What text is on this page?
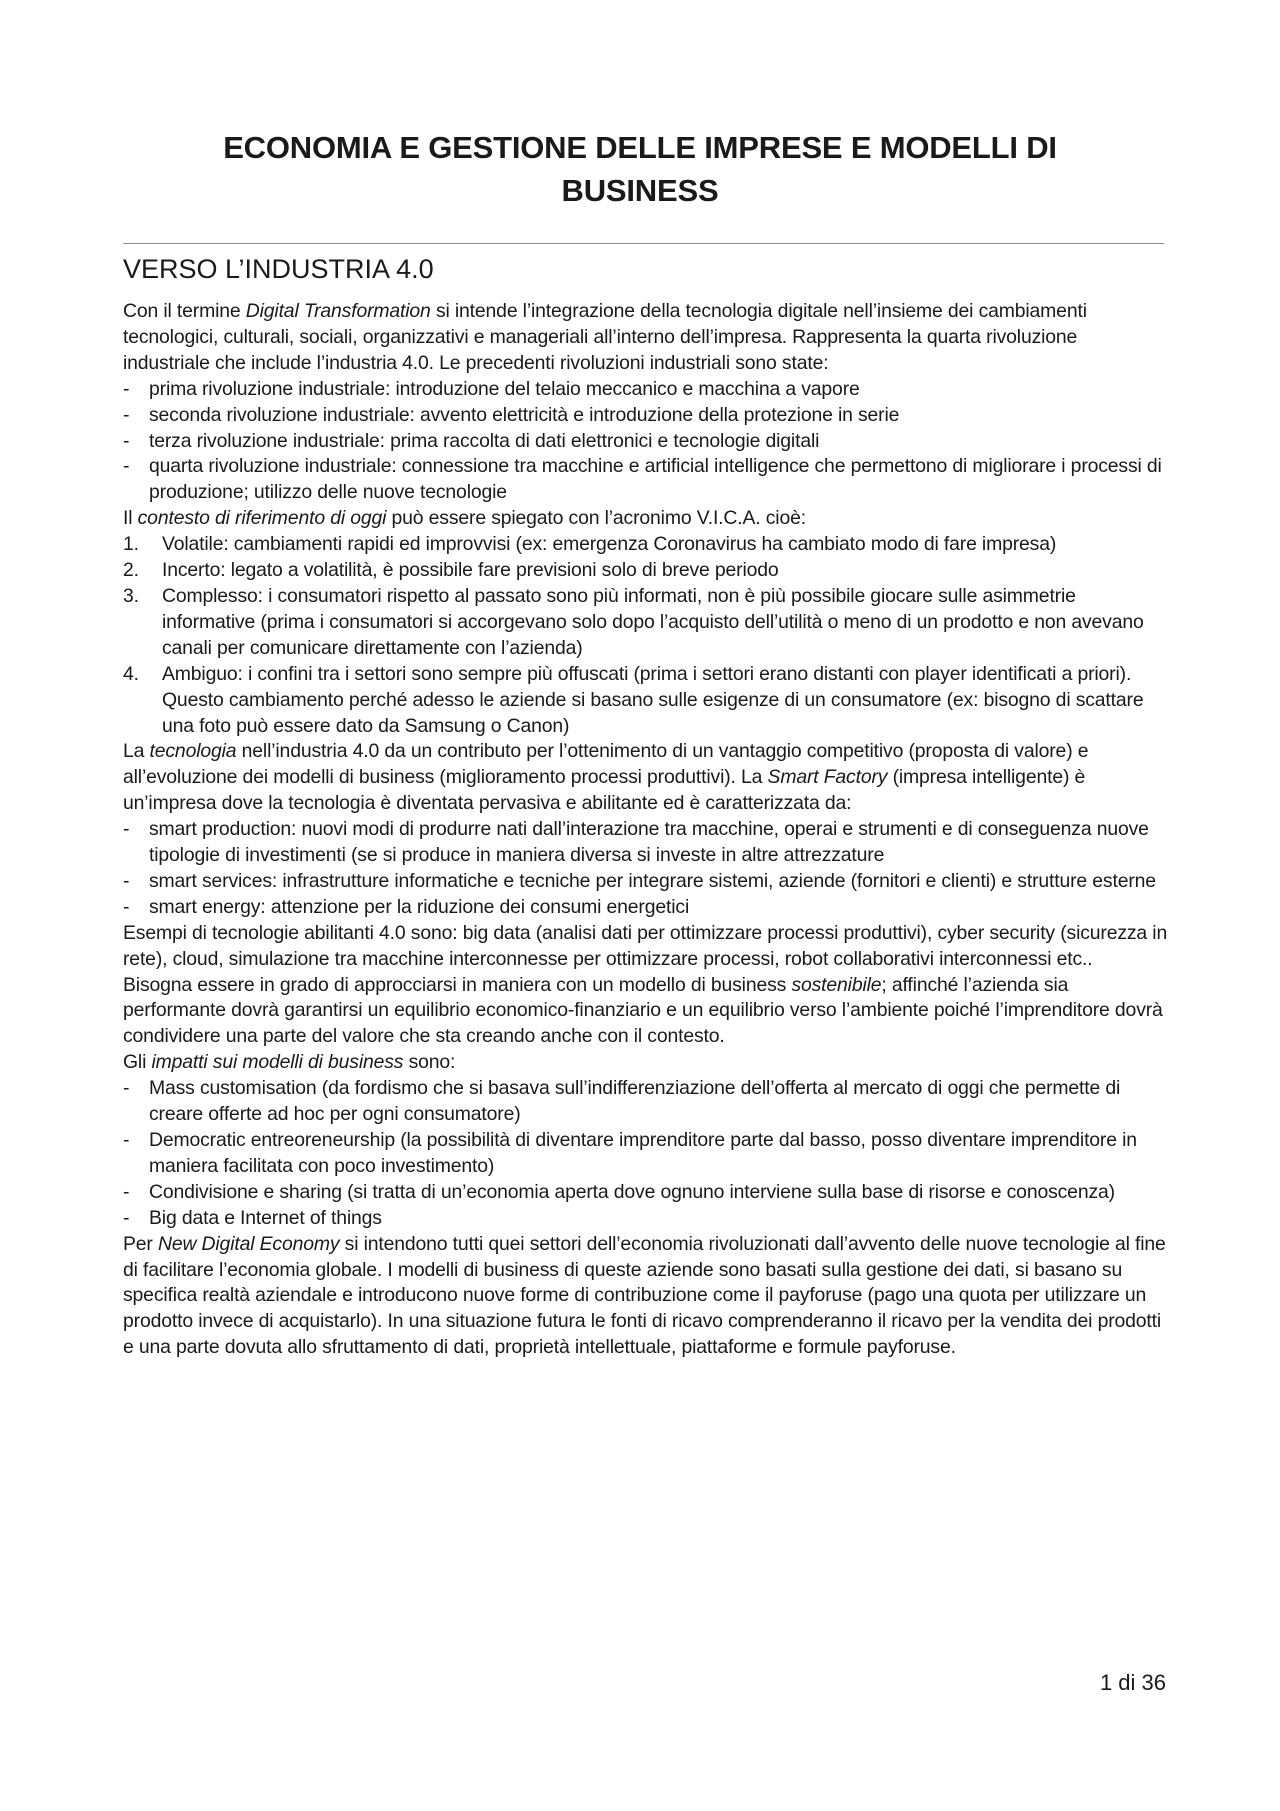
ECONOMIA E GESTIONE DELLE IMPRESE E MODELLI DI BUSINESS
VERSO L’INDUSTRIA 4.0

Con il termine Digital Transformation si intende l’integrazione della tecnologia digitale nell’insieme dei cambiamenti tecnologici, culturali, sociali, organizzativi e manageriali all’interno dell’impresa. Rappresenta la quarta rivoluzione industriale che include l’industria 4.0. Le precedenti rivoluzioni industriali sono state:

-	prima rivoluzione industriale: introduzione del telaio meccanico e macchina a vapore
-	seconda rivoluzione industriale: avvento elettricità e introduzione della protezione in serie
-	terza rivoluzione industriale: prima raccolta di dati elettronici e tecnologie digitali
-	quarta rivoluzione industriale: connessione tra macchine e artificial intelligence che permettono di migliorare i processi di produzione; utilizzo delle nuove tecnologie

Il contesto di riferimento di oggi può essere spiegato con l’acronimo V.I.C.A. cioè:

1.	Volatile: cambiamenti rapidi ed improvvisi (ex: emergenza Coronavirus ha cambiato modo di fare impresa)
2.	Incerto: legato a volatilità, è possibile fare previsioni solo di breve periodo
3.	Complesso: i consumatori rispetto al passato sono più informati, non è più possibile giocare sulle asimmetrie informative (prima i consumatori si accorgevano solo dopo l’acquisto dell’utilità o meno di un prodotto e non avevano canali per comunicare direttamente con l’azienda)
4.	Ambiguo: i confini tra i settori sono sempre più offuscati (prima i settori erano distanti con player identificati a priori). Questo cambiamento perché adesso le aziende si basano sulle esigenze di un consumatore (ex: bisogno di scattare una foto può essere dato da Samsung o Canon)

La tecnologia nell’industria 4.0 da un contributo per l’ottenimento di un vantaggio competitivo (proposta di valore) e all’evoluzione dei modelli di business (miglioramento processi produttivi). La Smart Factory (impresa intelligente) è un’impresa dove la tecnologia è diventata pervasiva e abilitante ed è caratterizzata da:

-	smart production: nuovi modi di produrre nati dall’interazione tra macchine, operai e strumenti e di conseguenza nuove tipologie di investimenti (se si produce in maniera diversa si investe in altre attrezzature
-	smart services: infrastrutture informatiche e tecniche per integrare sistemi, aziende (fornitori e clienti) e strutture esterne
-	smart energy: attenzione per la riduzione dei consumi energetici

Esempi di tecnologie abilitanti 4.0 sono: big data (analisi dati per ottimizzare processi produttivi), cyber security (sicurezza in rete), cloud, simulazione tra macchine interconnesse per ottimizzare processi, robot collaborativi interconnessi etc..

Bisogna essere in grado di approcciarsi in maniera con un modello di business sostenibile; affinché l’azienda sia performante dovrà garantirsi un equilibrio economico-finanziario e un equilibrio verso l’ambiente poiché l’imprenditore dovrà condividere una parte del valore che sta creando anche con il contesto.

Gli impatti sui modelli di business sono:

-	Mass customisation (da fordismo che si basava sull’indifferenziazione dell’offerta al mercato di oggi che permette di creare offerte ad hoc per ogni consumatore)
-	Democratic entreoreneurship (la possibilità di diventare imprenditore parte dal basso, posso diventare imprenditore in maniera facilitata con poco investimento)
-	Condivisione e sharing (si tratta di un’economia aperta dove ognuno interviene sulla base di risorse e conoscenza)
-	Big data e Internet of things

Per New Digital Economy si intendono tutti quei settori dell’economia rivoluzionati dall’avvento delle nuove tecnologie al fine di facilitare l’economia globale. I modelli di business di queste aziende sono basati sulla gestione dei dati, si basano su specifica realtà aziendale e introducono nuove forme di contribuzione come il payforuse (pago una quota per utilizzare un prodotto invece di acquistarlo). In una situazione futura le fonti di ricavo comprenderanno il ricavo per la vendita dei prodotti e una parte dovuta allo sfruttamento di dati, proprietà intellettuale, piattaforme e formule payforuse.

1 di 36
